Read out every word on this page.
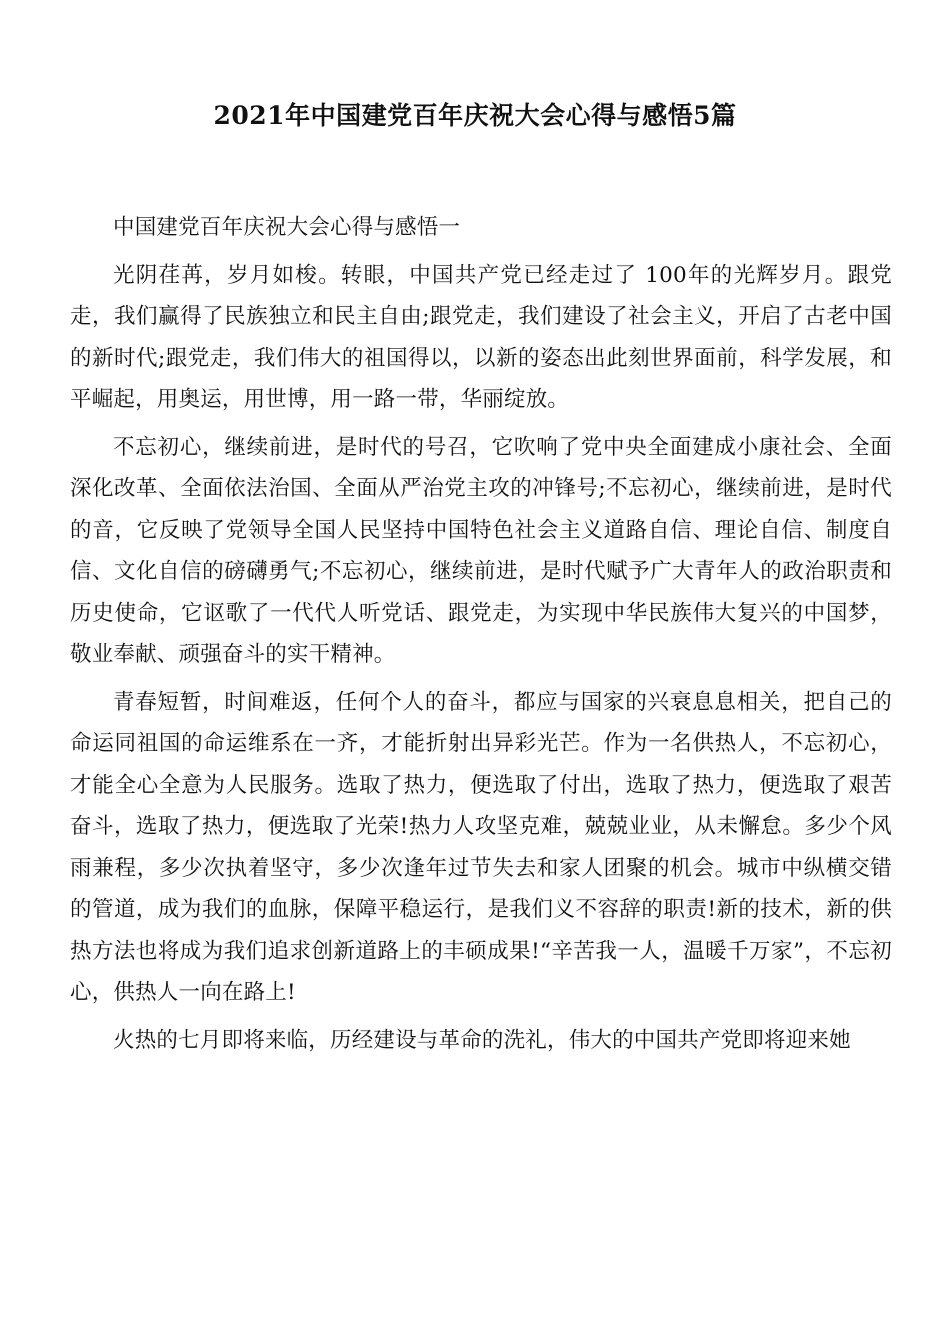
2021年中国建党百年庆祝大会心得与感悟5篇

中国建党百年庆祝大会心得与感悟一

光阴荏苒，岁月如梭。转眼，中国共产党已经走过了 100年的光辉岁月。跟党走，我们赢得了民族独立和民主自由;跟党走，我们建设了社会主义，开启了古老中国的新时代;跟党走，我们伟大的祖国得以，以新的姿态出此刻世界面前，科学发展，和平崛起，用奥运，用世博，用一路一带，华丽绽放。

不忘初心，继续前进，是时代的号召，它吹响了党中央全面建成小康社会、全面深化改革、全面依法治国、全面从严治党主攻的冲锋号;不忘初心，继续前进，是时代的音，它反映了党领导全国人民坚持中国特色社会主义道路自信、理论自信、制度自信、文化自信的磅礴勇气;不忘初心，继续前进，是时代赋予广大青年人的政治职责和历史使命，它讴歌了一代代人听党话、跟党走，为实现中华民族伟大复兴的中国梦，敬业奉献、顽强奋斗的实干精神。

青春短暂，时间难返，任何个人的奋斗，都应与国家的兴衰息息相关，把自己的命运同祖国的命运维系在一齐，才能折射出异彩光芒。作为一名供热人，不忘初心，才能全心全意为人民服务。选取了热力，便选取了付出，选取了热力，便选取了艰苦奋斗，选取了热力，便选取了光荣!热力人攻坚克难，兢兢业业，从未懈怠。多少个风雨兼程，多少次执着坚守，多少次逢年过节失去和家人团聚的机会。城市中纵横交错的管道，成为我们的血脉，保障平稳运行，是我们义不容辞的职责!新的技术，新的供热方法也将成为我们追求创新道路上的丰硕成果!“辛苦我一人，温暖千万家”，不忘初心，供热人一向在路上!

火热的七月即将来临，历经建设与革命的洗礼，伟大的中国共产党即将迎来她
